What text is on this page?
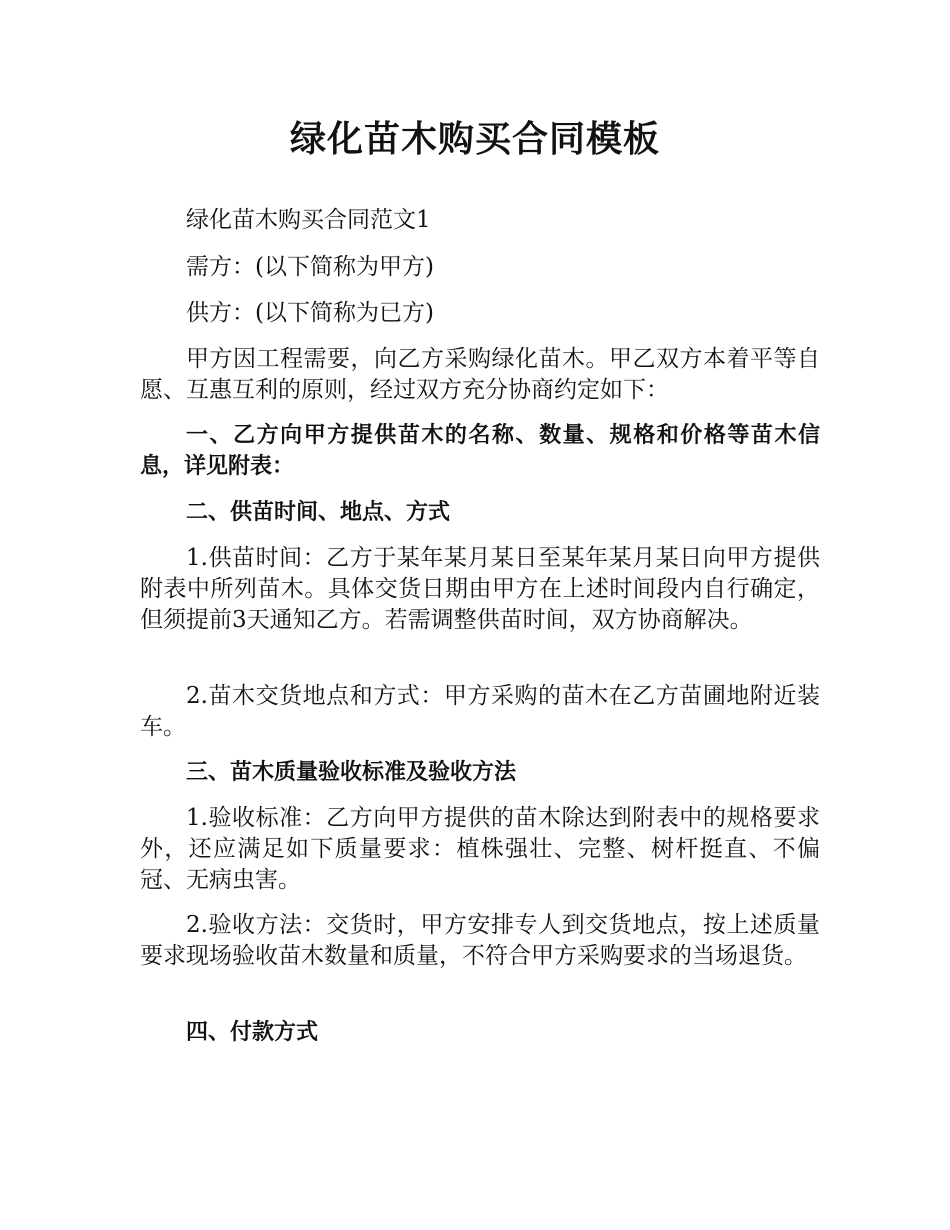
绿化苗木购买合同模板

绿化苗木购买合同范文1

需方：(以下简称为甲方)

供方：(以下简称为已方)

甲方因工程需要，向乙方采购绿化苗木。甲乙双方本着平等自愿、互惠互利的原则，经过双方充分协商约定如下：

一、乙方向甲方提供苗木的名称、数量、规格和价格等苗木信息，详见附表：

二、供苗时间、地点、方式

1.供苗时间：乙方于某年某月某日至某年某月某日向甲方提供附表中所列苗木。具体交货日期由甲方在上述时间段内自行确定，但须提前3天通知乙方。若需调整供苗时间，双方协商解决。

2.苗木交货地点和方式：甲方采购的苗木在乙方苗圃地附近装车。

三、苗木质量验收标准及验收方法

1.验收标准：乙方向甲方提供的苗木除达到附表中的规格要求外，还应满足如下质量要求：植株强壮、完整、树杆挺直、不偏冠、无病虫害。

2.验收方法：交货时，甲方安排专人到交货地点，按上述质量要求现场验收苗木数量和质量，不符合甲方采购要求的当场退货。

四、付款方式
